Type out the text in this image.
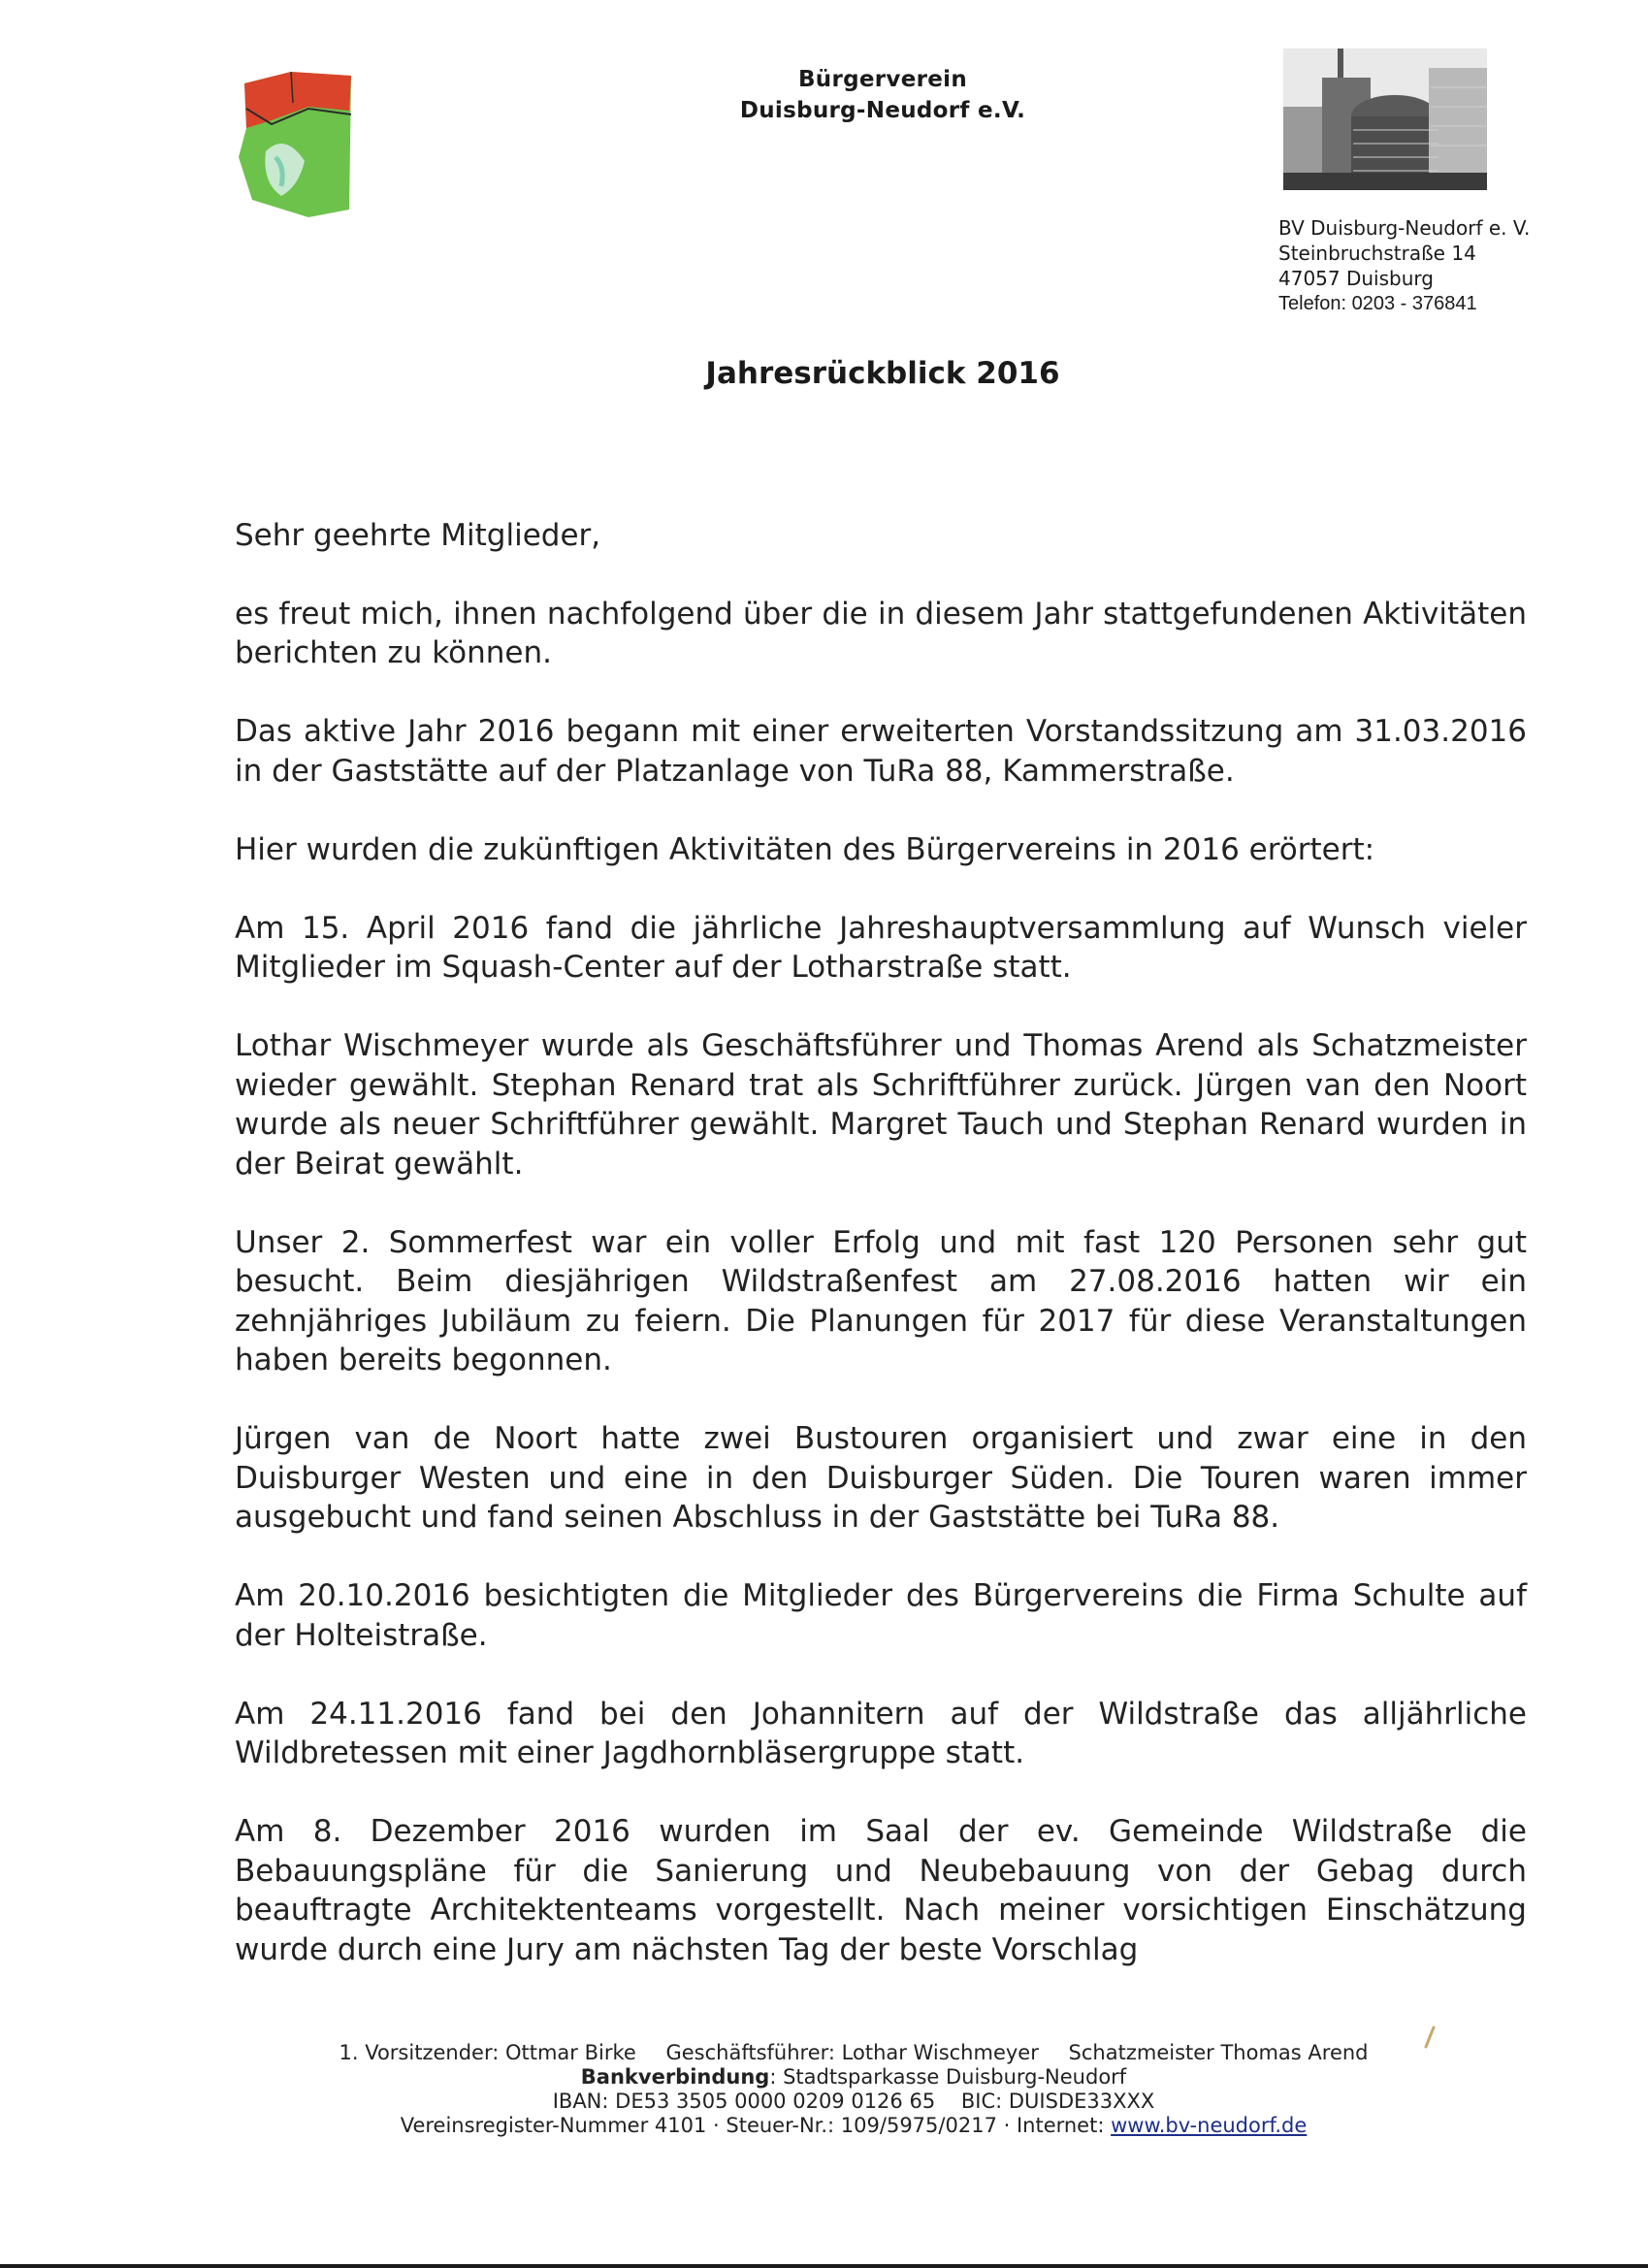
Bürgerverein
Duisburg-Neudorf e.V.
BV Duisburg-Neudorf e. V.
Steinbruchstraße 14
47057 Duisburg
Telefon: 0203 - 376841
Jahresrückblick 2016

Sehr geehrte Mitglieder,

es freut mich, ihnen nachfolgend über die in diesem Jahr stattgefundenen Aktivitäten berichten zu können.

Das aktive Jahr 2016 begann mit einer erweiterten Vorstandssitzung am 31.03.2016 in der Gaststätte auf der Platzanlage von TuRa 88, Kammerstraße.

Hier wurden die zukünftigen Aktivitäten des Bürgervereins in 2016 erörtert:

Am 15. April 2016 fand die jährliche Jahreshauptversammlung auf Wunsch vieler Mitglieder im Squash-Center auf der Lotharstraße statt.

Lothar Wischmeyer wurde als Geschäftsführer und Thomas Arend als Schatzmeister wieder gewählt. Stephan Renard trat als Schriftführer zurück. Jürgen van den Noort wurde als neuer Schriftführer gewählt. Margret Tauch und Stephan Renard wurden in der Beirat gewählt.

Unser 2. Sommerfest war ein voller Erfolg und mit fast 120 Personen sehr gut besucht. Beim diesjährigen Wildstraßenfest am 27.08.2016 hatten wir ein zehnjähriges Jubiläum zu feiern. Die Planungen für 2017 für diese Veranstaltungen haben bereits begonnen.

Jürgen van de Noort hatte zwei Bustouren organisiert und zwar eine in den Duisburger Westen und eine in den Duisburger Süden. Die Touren waren immer ausgebucht und fand seinen Abschluss in der Gaststätte bei TuRa 88.

Am 20.10.2016 besichtigten die Mitglieder des Bürgervereins die Firma Schulte auf der Holteistraße.

Am 24.11.2016 fand bei den Johannitern auf der Wildstraße das alljährliche Wildbretessen mit einer Jagdhornbläsergruppe statt.

Am 8. Dezember 2016 wurden im Saal der ev. Gemeinde Wildstraße die Bebauungspläne für die Sanierung und Neubebauung von der Gebag durch beauftragte Architektenteams vorgestellt. Nach meiner vorsichtigen Einschätzung wurde durch eine Jury am nächsten Tag der beste Vorschlag

1. Vorsitzender: Ottmar Birke Geschäftsführer: Lothar Wischmeyer Schatzmeister Thomas Arend
Bankverbindung: Stadtsparkasse Duisburg-Neudorf
IBAN: DE53 3505 0000 0209 0126 65    BIC: DUISDE33XXX
Vereinsregister-Nummer 4101 · Steuer-Nr.: 109/5975/0217 · Internet: www.bv-neudorf.de
